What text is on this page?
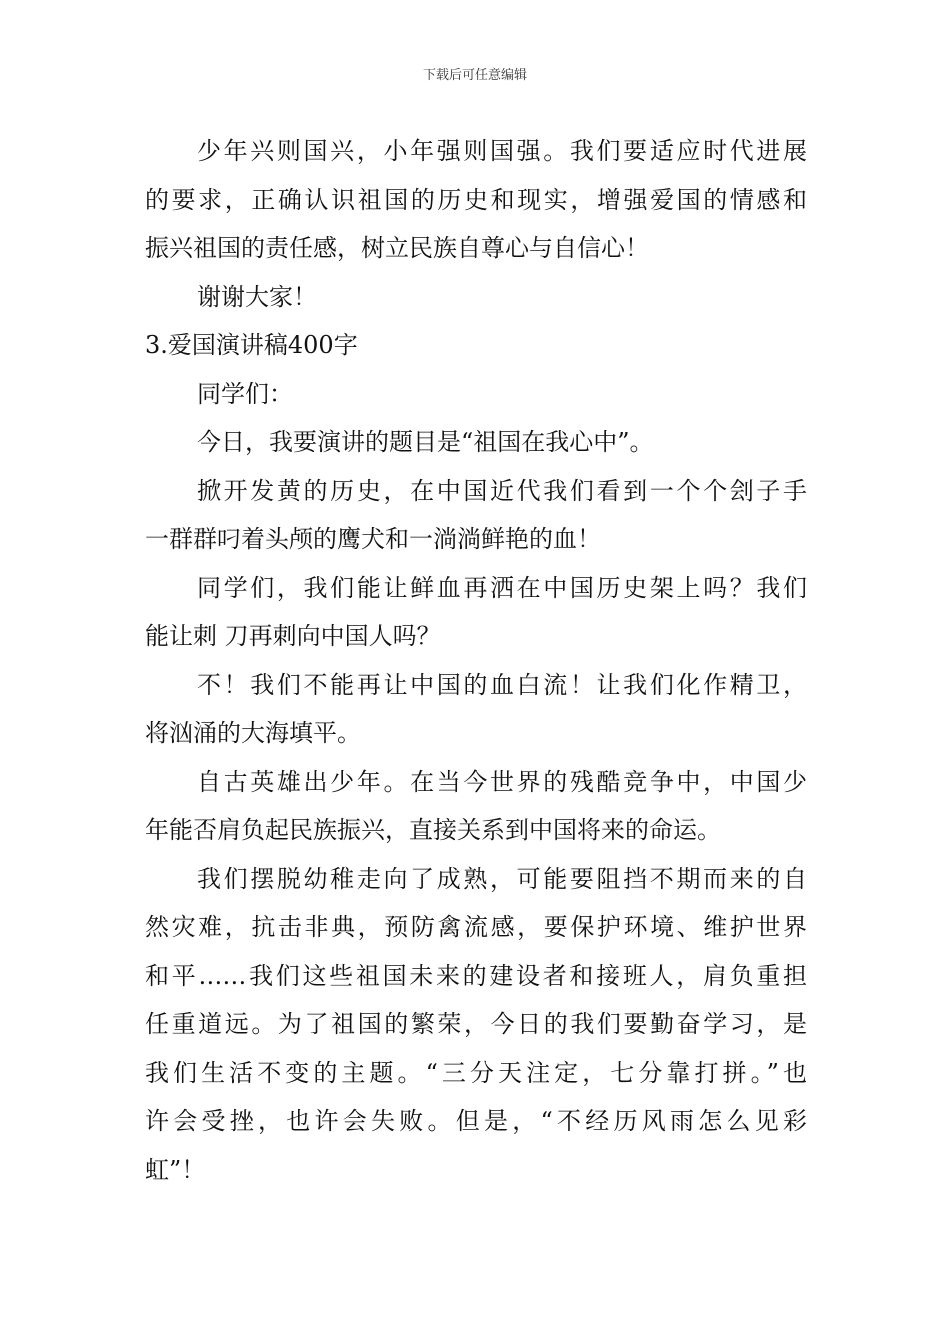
下载后可任意编辑
少年兴则国兴，小年强则国强。我们要适应时代进展
的要求，正确认识祖国的历史和现实，增强爱国的情感和
振兴祖国的责任感，树立民族自尊心与自信心！
谢谢大家！
3.爱国演讲稿400字
同学们：
今日，我要演讲的题目是“祖国在我心中”。
掀开发黄的历史，在中国近代我们看到一个个刽子手
一群群叼着头颅的鹰犬和一淌淌鲜艳的血！
同学们，我们能让鲜血再洒在中国历史架上吗？我们
能让刺 刀再刺向中国人吗？
不！我们不能再让中国的血白流！让我们化作精卫，
将汹涌的大海填平。
自古英雄出少年。在当今世界的残酷竞争中，中国少
年能否肩负起民族振兴，直接关系到中国将来的命运。
我们摆脱幼稚走向了成熟，可能要阻挡不期而来的自
然灾难，抗击非典，预防禽流感，要保护环境、维护世界
和平……我们这些祖国未来的建设者和接班人，肩负重担
任重道远。为了祖国的繁荣，今日的我们要勤奋学习，是
我们生活不变的主题。“三分天注定，七分靠打拼。”也
许会受挫，也许会失败。但是，“不经历风雨怎么见彩
虹”！
